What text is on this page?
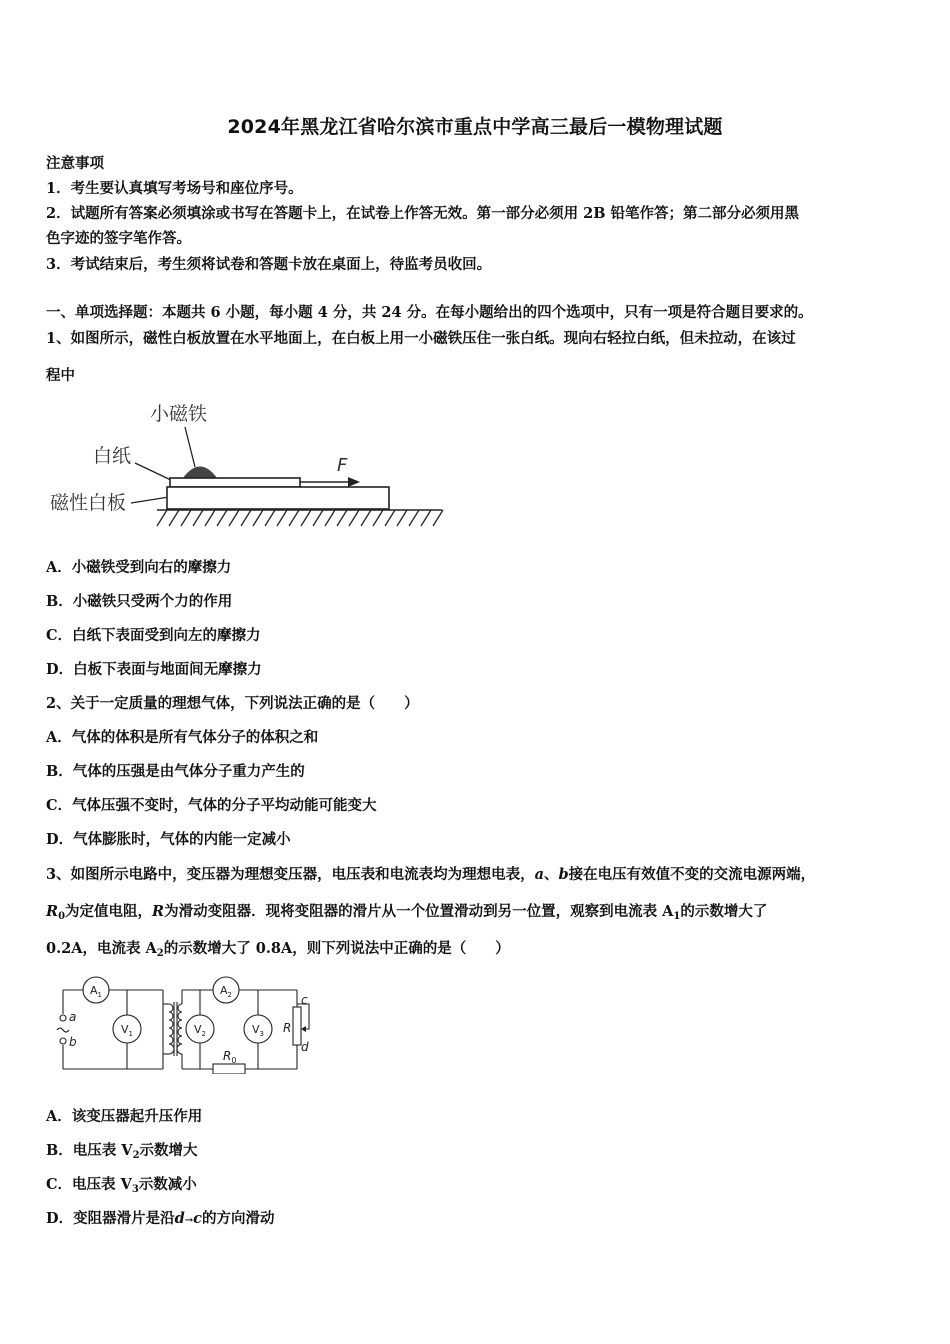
2024年黑龙江省哈尔滨市重点中学高三最后一模物理试题
注意事项
1．考生要认真填写考场号和座位序号。
2．试题所有答案必须填涂或书写在答题卡上，在试卷上作答无效。第一部分必须用 2B 铅笔作答；第二部分必须用黑
色字迹的签字笔作答。
3．考试结束后，考生须将试卷和答题卡放在桌面上，待监考员收回。
一、单项选择题：本题共 6 小题，每小题 4 分，共 24 分。在每小题给出的四个选项中，只有一项是符合题目要求的。
1、如图所示，磁性白板放置在水平地面上，在白板上用一小磁铁压住一张白纸。现向右轻拉白纸，但未拉动，在该过
程中
小磁铁
白纸
磁性白板
F
A．小磁铁受到向右的摩擦力
B．小磁铁只受两个力的作用
C．白纸下表面受到向左的摩擦力
D．白板下表面与地面间无摩擦力
2、关于一定质量的理想气体，下列说法正确的是（　　）
A．气体的体积是所有气体分子的体积之和
B．气体的压强是由气体分子重力产生的
C．气体压强不变时，气体的分子平均动能可能变大
D．气体膨胀时，气体的内能一定减小
3、如图所示电路中，变压器为理想变压器，电压表和电流表均为理想电表，a、b接在电压有效值不变的交流电源两端，
$R_0$为定值电阻，R为滑动变阻器．现将变阻器的滑片从一个位置滑动到另一位置，观察到电流表 $A_1$的示数增大了
0.2A，电流表 $A_2$的示数增大了 0.8A，则下列说法中正确的是（　　）
$A_1$
$V_1$
$A_2$
$V_2$	$V_3$
a
b
c
d
R
$R_0$
A．该变压器起升压作用
B．电压表 $V_2$示数增大
C．电压表 $V_3$示数减小
D．变阻器滑片是沿d→c的方向滑动
